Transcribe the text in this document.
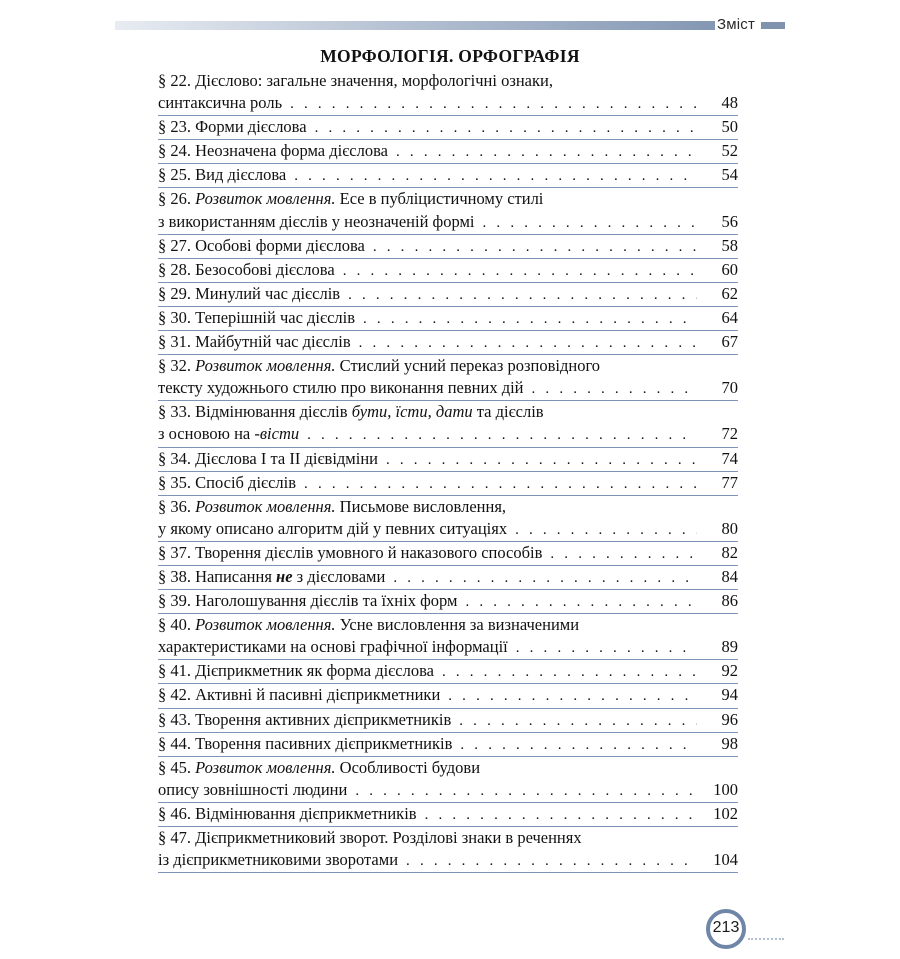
Зміст
МОРФОЛОГІЯ. ОРФОГРАФІЯ
§ 22. Дієслово: загальне значення, морфологічні ознаки,
синтаксична роль . . .	48
§ 23. Форми дієслова . . .	50
§ 24. Неозначена форма дієслова . . .	52
§ 25. Вид дієслова . . .	54
§ 26. Розвиток мовлення. Есе в публіцистичному стилі
з використанням дієслів у неозначеній формі . . .	56
§ 27. Особові форми дієслова . . .	58
§ 28. Безособові дієслова . . .	60
§ 29. Минулий час дієслів . . .	62
§ 30. Теперішній час дієслів . . .	64
§ 31. Майбутній час дієслів . . .	67
§ 32. Розвиток мовлення. Стислий усний переказ розповідного
тексту художнього стилю про виконання певних дій . . .	70
§ 33. Відмінювання дієслів бути, їсти, дати та дієслів
з основою на -вісти . . .	72
§ 34. Дієслова I та II дієвідміни . . .	74
§ 35. Спосіб дієслів . . .	77
§ 36. Розвиток мовлення. Письмове висловлення,
у якому описано алгоритм дій у певних ситуаціях . . .	80
§ 37. Творення дієслів умовного й наказового способів . . .	82
§ 38. Написання не з дієсловами . . .	84
§ 39. Наголошування дієслів та їхніх форм . . .	86
§ 40. Розвиток мовлення. Усне висловлення за визначеними
характеристиками на основі графічної інформації . . .	89
§ 41. Дієприкметник як форма дієслова . . .	92
§ 42. Активні й пасивні дієприкметники . . .	94
§ 43. Творення активних дієприкметників . . .	96
§ 44. Творення пасивних дієприкметників . . .	98
§ 45. Розвиток мовлення. Особливості будови
опису зовнішності людини . . .	100
§ 46. Відмінювання дієприкметників . . .	102
§ 47. Дієприкметниковий зворот. Розділові знаки в реченнях
із дієприкметниковими зворотами . . .	104
213
